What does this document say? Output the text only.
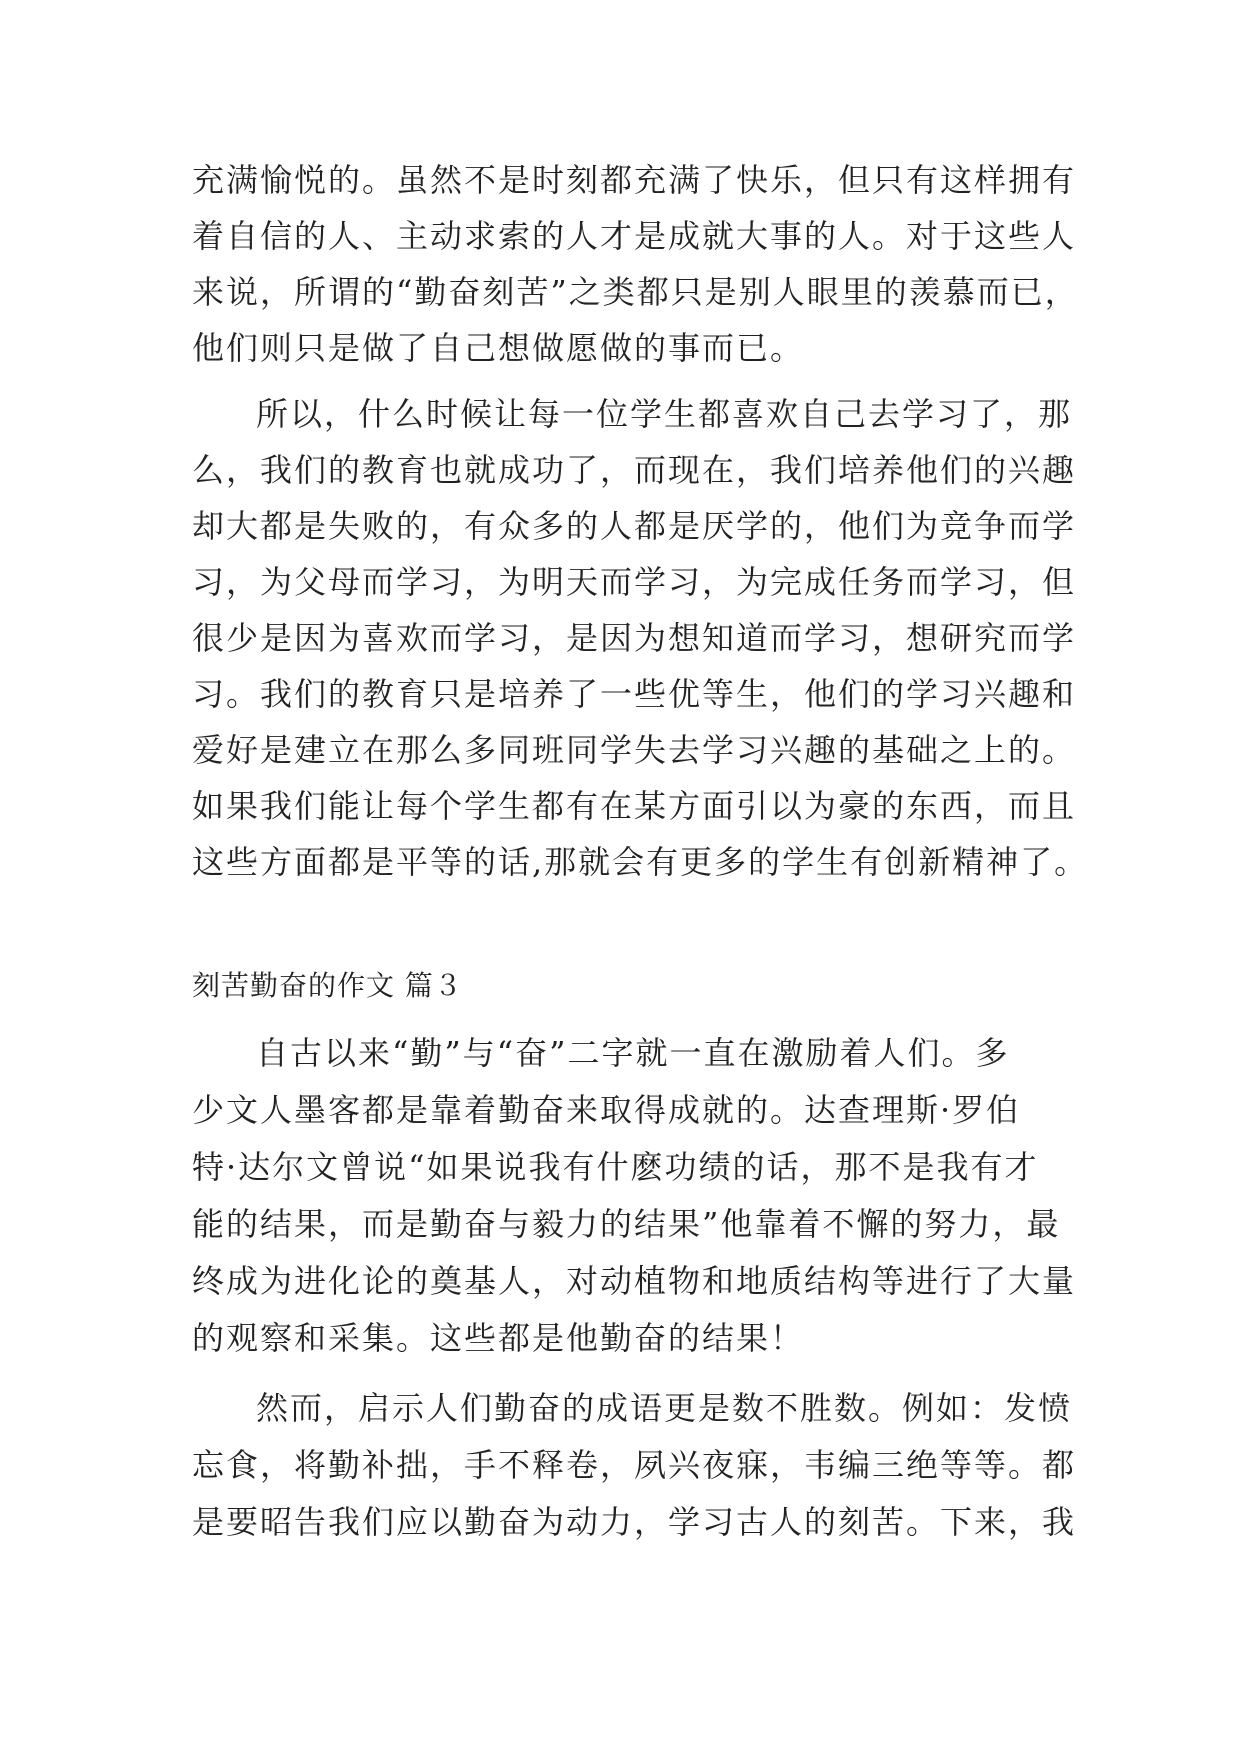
充满愉悦的。虽然不是时刻都充满了快乐，但只有这样拥有
着自信的人、主动求索的人才是成就大事的人。对于这些人
来说，所谓的“勤奋刻苦”之类都只是别人眼里的羡慕而已，
他们则只是做了自己想做愿做的事而已。
所以，什么时候让每一位学生都喜欢自己去学习了，那
么，我们的教育也就成功了，而现在，我们培养他们的兴趣
却大都是失败的，有众多的人都是厌学的，他们为竞争而学
习，为父母而学习，为明天而学习，为完成任务而学习，但
很少是因为喜欢而学习，是因为想知道而学习，想研究而学
习。我们的教育只是培养了一些优等生，他们的学习兴趣和
爱好是建立在那么多同班同学失去学习兴趣的基础之上的。
如果我们能让每个学生都有在某方面引以为豪的东西，而且
这些方面都是平等的话,那就会有更多的学生有创新精神了。
刻苦勤奋的作文 篇３
自古以来“勤”与“奋”二字就一直在激励着人们。多
少文人墨客都是靠着勤奋来取得成就的。达查理斯·罗伯
特·达尔文曾说“如果说我有什麽功绩的话，那不是我有才
能的结果，而是勤奋与毅力的结果”他靠着不懈的努力，最
终成为进化论的奠基人，对动植物和地质结构等进行了大量
的观察和采集。这些都是他勤奋的结果！
然而，启示人们勤奋的成语更是数不胜数。例如：发愤
忘食，将勤补拙，手不释卷，夙兴夜寐，韦编三绝等等。都
是要昭告我们应以勤奋为动力，学习古人的刻苦。下来，我
